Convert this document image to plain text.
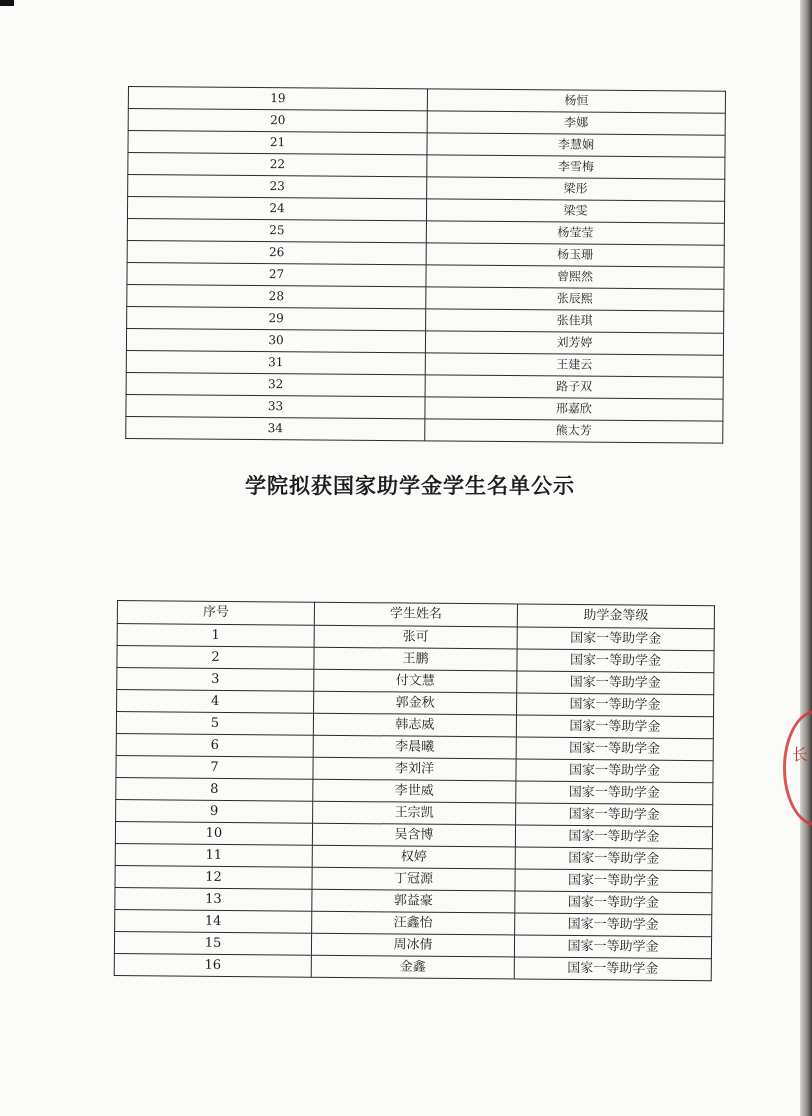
19	杨恒
20	李娜
21	李慧娴
22	李雪梅
23	梁彤
24	梁雯
25	杨莹莹
26	杨玉珊
27	曾熙然
28	张辰熙
29	张佳琪
30	刘芳婷
31	王建云
32	路子双
33	邢嘉欣
34	熊太芳
学院拟获国家助学金学生名单公示
序号	学生姓名	助学金等级
1	张可	国家一等助学金
2	王鹏	国家一等助学金
3	付文慧	国家一等助学金
4	郭金秋	国家一等助学金
5	韩志威	国家一等助学金
6	李晨曦	国家一等助学金
7	李刘洋	国家一等助学金
8	李世威	国家一等助学金
9	王宗凯	国家一等助学金
10	吴含博	国家一等助学金
11	权婷	国家一等助学金
12	丁冠源	国家一等助学金
13	郭益豪	国家一等助学金
14	汪鑫怡	国家一等助学金
15	周冰倩	国家一等助学金
16	金鑫	国家一等助学金
长
